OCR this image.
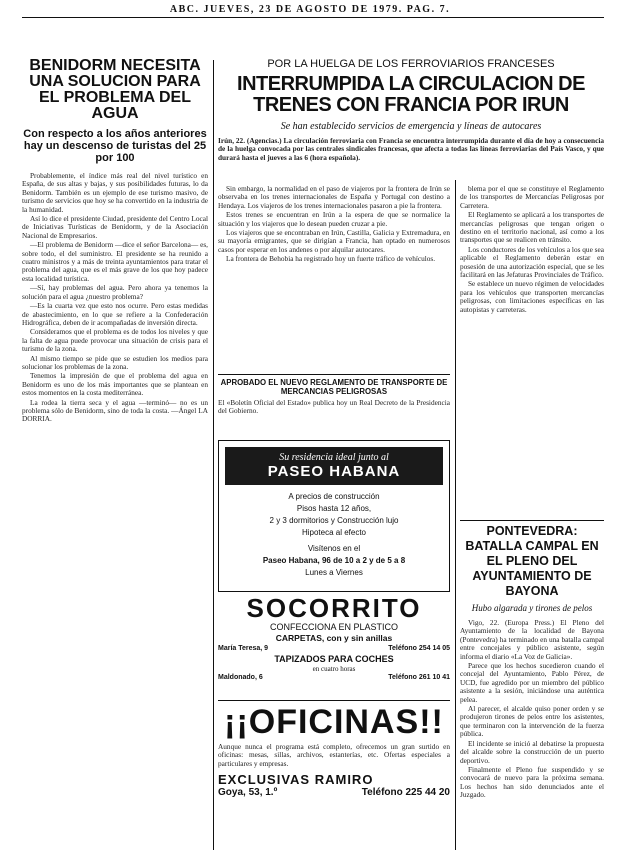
ABC. JUEVES, 23 DE AGOSTO DE 1979. PAG. 7.
BENIDORM NECESITA UNA SOLUCION PARA EL PROBLEMA DEL AGUA
Con respecto a los años anteriores hay un descenso de turistas del 25 por 100

Probablemente, el índice más real del nivel turístico en España, de sus altas y bajas, y sus posibilidades futuras, lo da Benidorm. También es un ejemplo de ese turismo masivo, de turismo de servicios que hoy se ha convertido en la industria de la humanidad.

Así lo dice el presidente Ciudad, presidente del Centro Local de Iniciativas Turísticas de Benidorm, y de la Asociación Nacional de Empresarios.

—El problema de Benidorm —dice el señor Barcelona— es, sobre todo, el del suministro. El presidente se ha reunido a cuatro ministros y a más de treinta ayuntamientos para tratar el problema del agua, que es el más grave de los que hoy padece esta localidad turística.

—Sí, hay problemas del agua. Pero ahora ya tenemos la solución para el agua ¿nuestro problema?

—Es la cuarta vez que esto nos ocurre. Pero estas medidas de abastecimiento, en lo que se refiere a la Confederación Hidrográfica, deben de ir acompañadas de inversión directa.

Consideramos que el problema es de todos los niveles y que la falta de agua puede provocar una situación de crisis para el turismo de la zona.

Al mismo tiempo se pide que se estudien los medios para solucionar los problemas de la zona.

Tenemos la impresión de que el problema del agua en Benidorm es uno de los más importantes que se plantean en estos momentos en la costa mediterránea.

La rodea la tierra seca y el agua —terminó— no es un problema sólo de Benidorm, sino de toda la costa. —Ángel LA DORRIA.

POR LA HUELGA DE LOS FERROVIARIOS FRANCESES
INTERRUMPIDA LA CIRCULACION DE TRENES CON FRANCIA POR IRUN
Se han establecido servicios de emergencia y líneas de autocares
Irún, 22. (Agencias.) La circulación ferroviaria con Francia se encuentra interrumpida durante el día de hoy a consecuencia de la huelga convocada por las centrales sindicales francesas, que afecta a todas las líneas ferroviarias del País Vasco, y que durará hasta el jueves a las 6 (hora española).

Sin embargo, la normalidad en el paso de viajeros por la frontera de Irún se observaba en los trenes internacionales de España y Portugal con destino a Hendaya. Los viajeros de los trenes internacionales pasaron a pie la frontera.

Estos trenes se encuentran en Irún a la espera de que se normalice la situación y los viajeros que lo desean pueden cruzar a pie.

Los viajeros que se encontraban en Irún, Castilla, Galicia y Extremadura, en su mayoría emigrantes, que se dirigían a Francia, han optado en numerosos casos por esperar en los andenes o por alquilar autocares.

La frontera de Behobia ha registrado hoy un fuerte tráfico de vehículos.

APROBADO EL NUEVO REGLAMENTO DE TRANSPORTE DE MERCANCIAS PELIGROSAS
El «Boletín Oficial del Estado» publica hoy un Real Decreto de la Presidencia del Gobierno.

blema por el que se constituye el Reglamento de los transportes de Mercancías Peligrosas por Carretera.

El Reglamento se aplicará a los transportes de mercancías peligrosas que tengan origen o destino en el territorio nacional, así como a los transportes que se realicen en tránsito.

Los conductores de los vehículos a los que sea aplicable el Reglamento deberán estar en posesión de una autorización especial, que se les facilitará en las Jefaturas Provinciales de Tráfico.

Se establece un nuevo régimen de velocidades para los vehículos que transporten mercancías peligrosas, con limitaciones específicas en las autopistas y carreteras.

Su residencia ideal junto al
PASEO HABANA
A precios de construcción
Pisos hasta 12 años,
2 y 3 dormitorios y Construcción lujo
Hipoteca al efecto
Visítenos en el
Paseo Habana, 96 de 10 a 2 y de 5 a 8
Lunes a Viernes
SOCORRITO
CONFECCIONA EN PLASTICO
CARPETAS, con y sin anillas
María Teresa, 9	Teléfono 254 14 05
TAPIZADOS PARA COCHES
en cuatro horas
Maldonado, 6	Teléfono 261 10 41
¡¡OFICINAS!!
Aunque nunca el programa está completo, ofrecemos un gran surtido en oficinas: mesas, sillas, archivos, estanterías, etc. Ofertas especiales a particulares y empresas.
EXCLUSIVAS RAMIRO
Goya, 53, 1.º	Teléfono 225 44 20
PONTEVEDRA: BATALLA CAMPAL EN EL PLENO DEL AYUNTAMIENTO DE BAYONA
Hubo algarada y tirones de pelos

Vigo, 22. (Europa Press.) El Pleno del Ayuntamiento de la localidad de Bayona (Pontevedra) ha terminado en una batalla campal entre concejales y público asistente, según informa el diario «La Voz de Galicia».

Parece que los hechos sucedieron cuando el concejal del Ayuntamiento, Pablo Pérez, de UCD, fue agredido por un miembro del público asistente a la sesión, iniciándose una auténtica pelea.

Al parecer, el alcalde quiso poner orden y se produjeron tirones de pelos entre los asistentes, que terminaron con la intervención de la fuerza pública.

El incidente se inició al debatirse la propuesta del alcalde sobre la construcción de un puerto deportivo.

Finalmente el Pleno fue suspendido y se convocará de nuevo para la próxima semana. Los hechos han sido denunciados ante el Juzgado.
